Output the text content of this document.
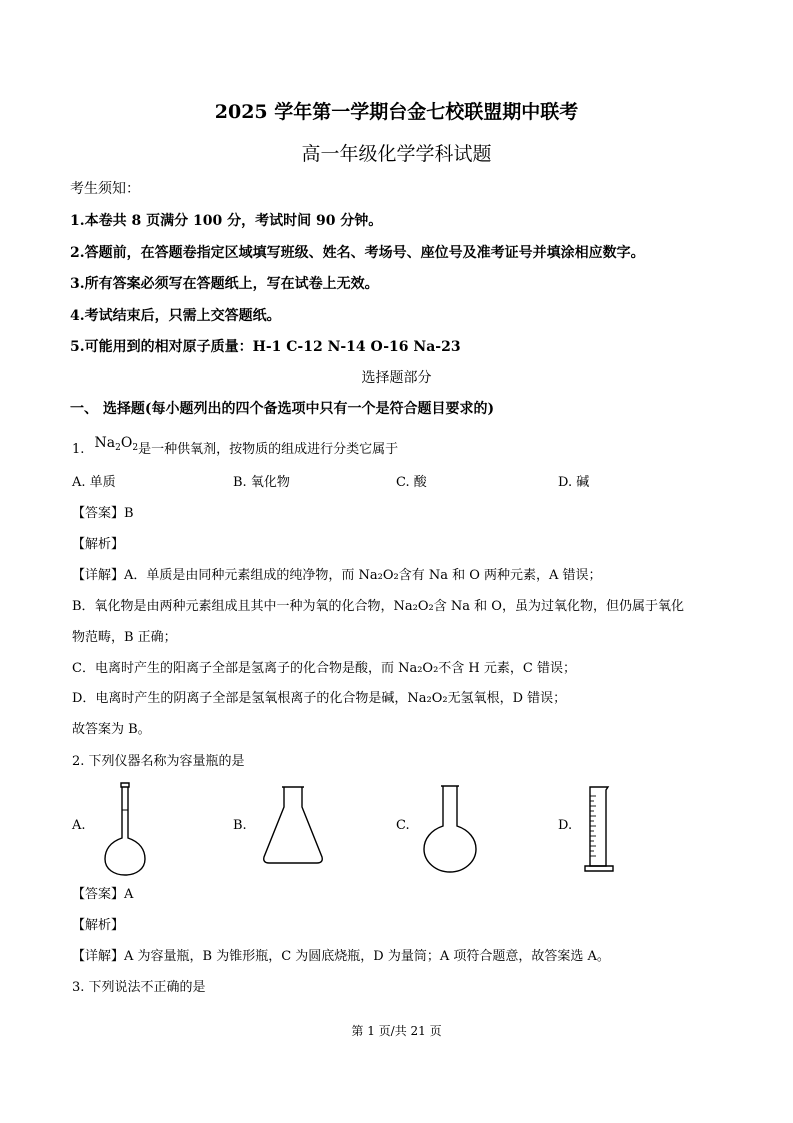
2025 学年第一学期台金七校联盟期中联考
高一年级化学学科试题
考生须知：
1.本卷共 8 页满分 100 分，考试时间 90 分钟。
2.答题前，在答题卷指定区域填写班级、姓名、考场号、座位号及准考证号并填涂相应数字。
3.所有答案必须写在答题纸上，写在试卷上无效。
4.考试结束后，只需上交答题纸。
5.可能用到的相对原子质量：H-1 C-12 N-14 O-16 Na-23
选择题部分
一、 选择题(每小题列出的四个备选项中只有一个是符合题目要求的)
1. $Na_2O_2$是一种供氧剂，按物质的组成进行分类它属于
A. 单质	B. 氧化物	C. 酸	D. 碱
【答案】B
【解析】
【详解】A．单质是由同种元素组成的纯净物，而 Na₂O₂含有 Na 和 O 两种元素，A 错误；
B．氧化物是由两种元素组成且其中一种为氧的化合物，Na₂O₂含 Na 和 O，虽为过氧化物，但仍属于氧化
物范畴，B 正确；
C．电离时产生的阳离子全部是氢离子的化合物是酸，而 Na₂O₂不含 H 元素，C 错误；
D．电离时产生的阴离子全部是氢氧根离子的化合物是碱，Na₂O₂无氢氧根，D 错误；
故答案为 B。
2. 下列仪器名称为容量瓶的是
A.	B.	C.	D.
【答案】A
【解析】
【详解】A 为容量瓶，B 为锥形瓶，C 为圆底烧瓶，D 为量筒；A 项符合题意，故答案选 A。
3. 下列说法不正确的是
第 1 页/共 21 页
